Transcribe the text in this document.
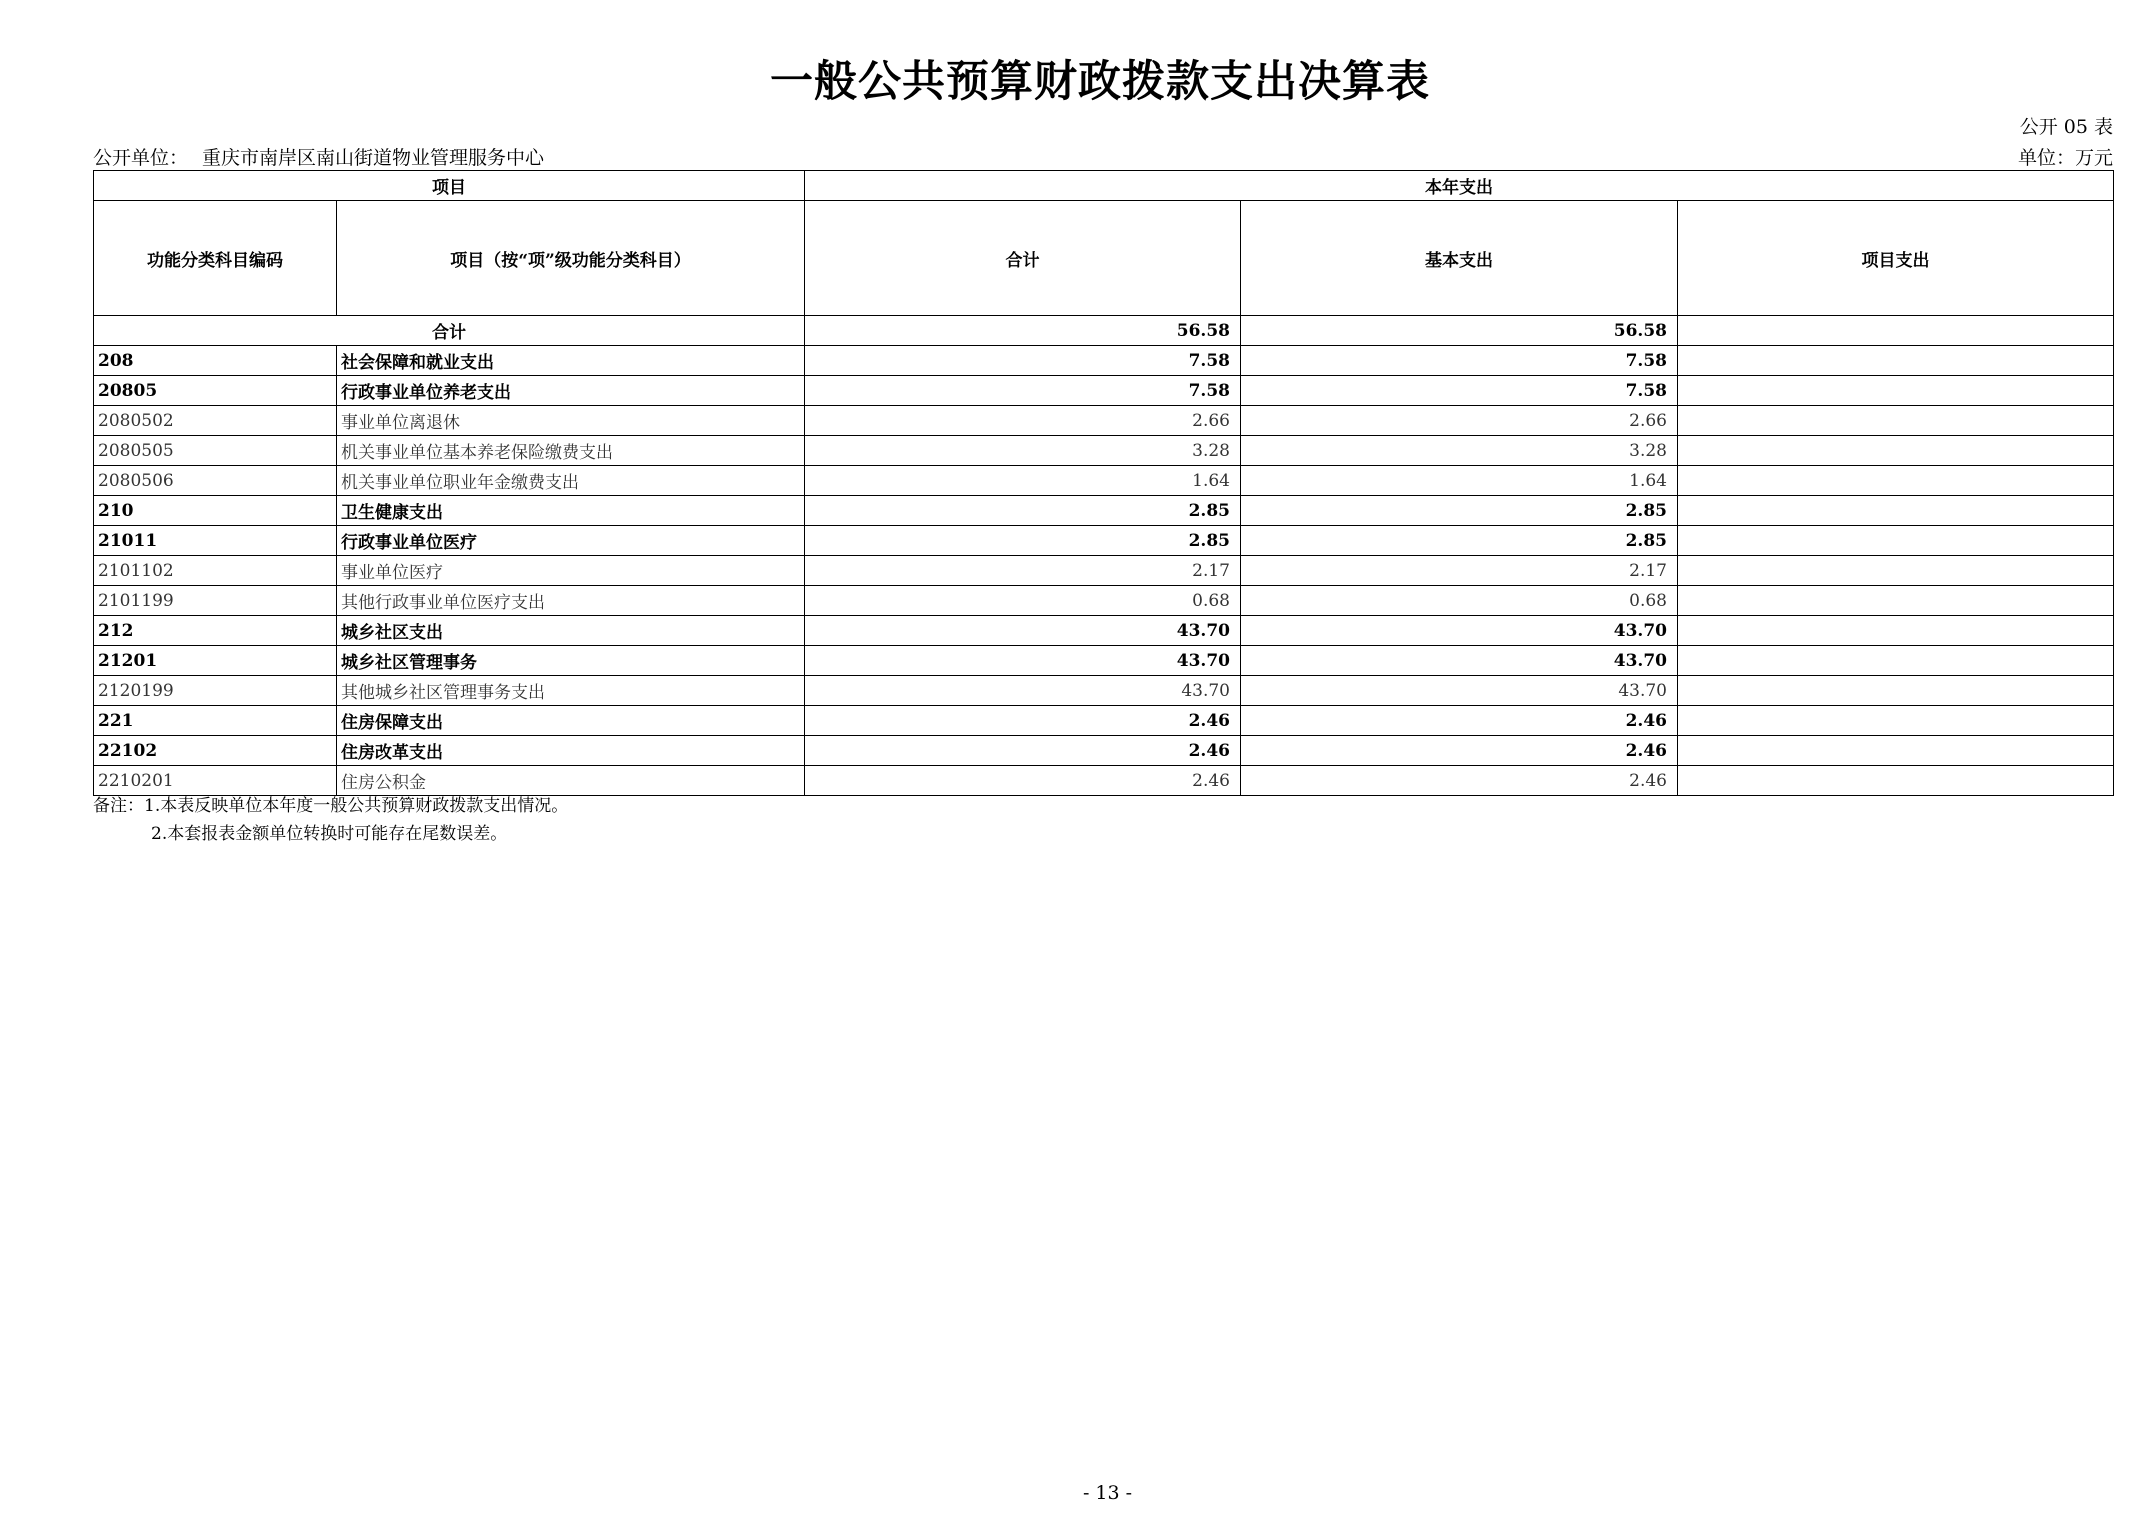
一般公共预算财政拨款支出决算表
公开 05 表
公开单位： 重庆市南岸区南山街道物业管理服务中心	单位：万元
项目		本年支出		
功能分类科目编码	项目（按“项”级功能分类科目）	合计	基本支出	项目支出
合计		56.58	56.58	
208	社会保障和就业支出	7.58	7.58	
20805	行政事业单位养老支出	7.58	7.58	
2080502	事业单位离退休	2.66	2.66	
2080505	机关事业单位基本养老保险缴费支出	3.28	3.28	
2080506	机关事业单位职业年金缴费支出	1.64	1.64	
210	卫生健康支出	2.85	2.85	
21011	行政事业单位医疗	2.85	2.85	
2101102	事业单位医疗	2.17	2.17	
2101199	其他行政事业单位医疗支出	0.68	0.68	
212	城乡社区支出	43.70	43.70	
21201	城乡社区管理事务	43.70	43.70	
2120199	其他城乡社区管理事务支出	43.70	43.70	
221	住房保障支出	2.46	2.46	
22102	住房改革支出	2.46	2.46	
2210201	住房公积金	2.46	2.46	
备注：1.本表反映单位本年度一般公共预算财政拨款支出情况。
2.本套报表金额单位转换时可能存在尾数误差。
- 13 -
